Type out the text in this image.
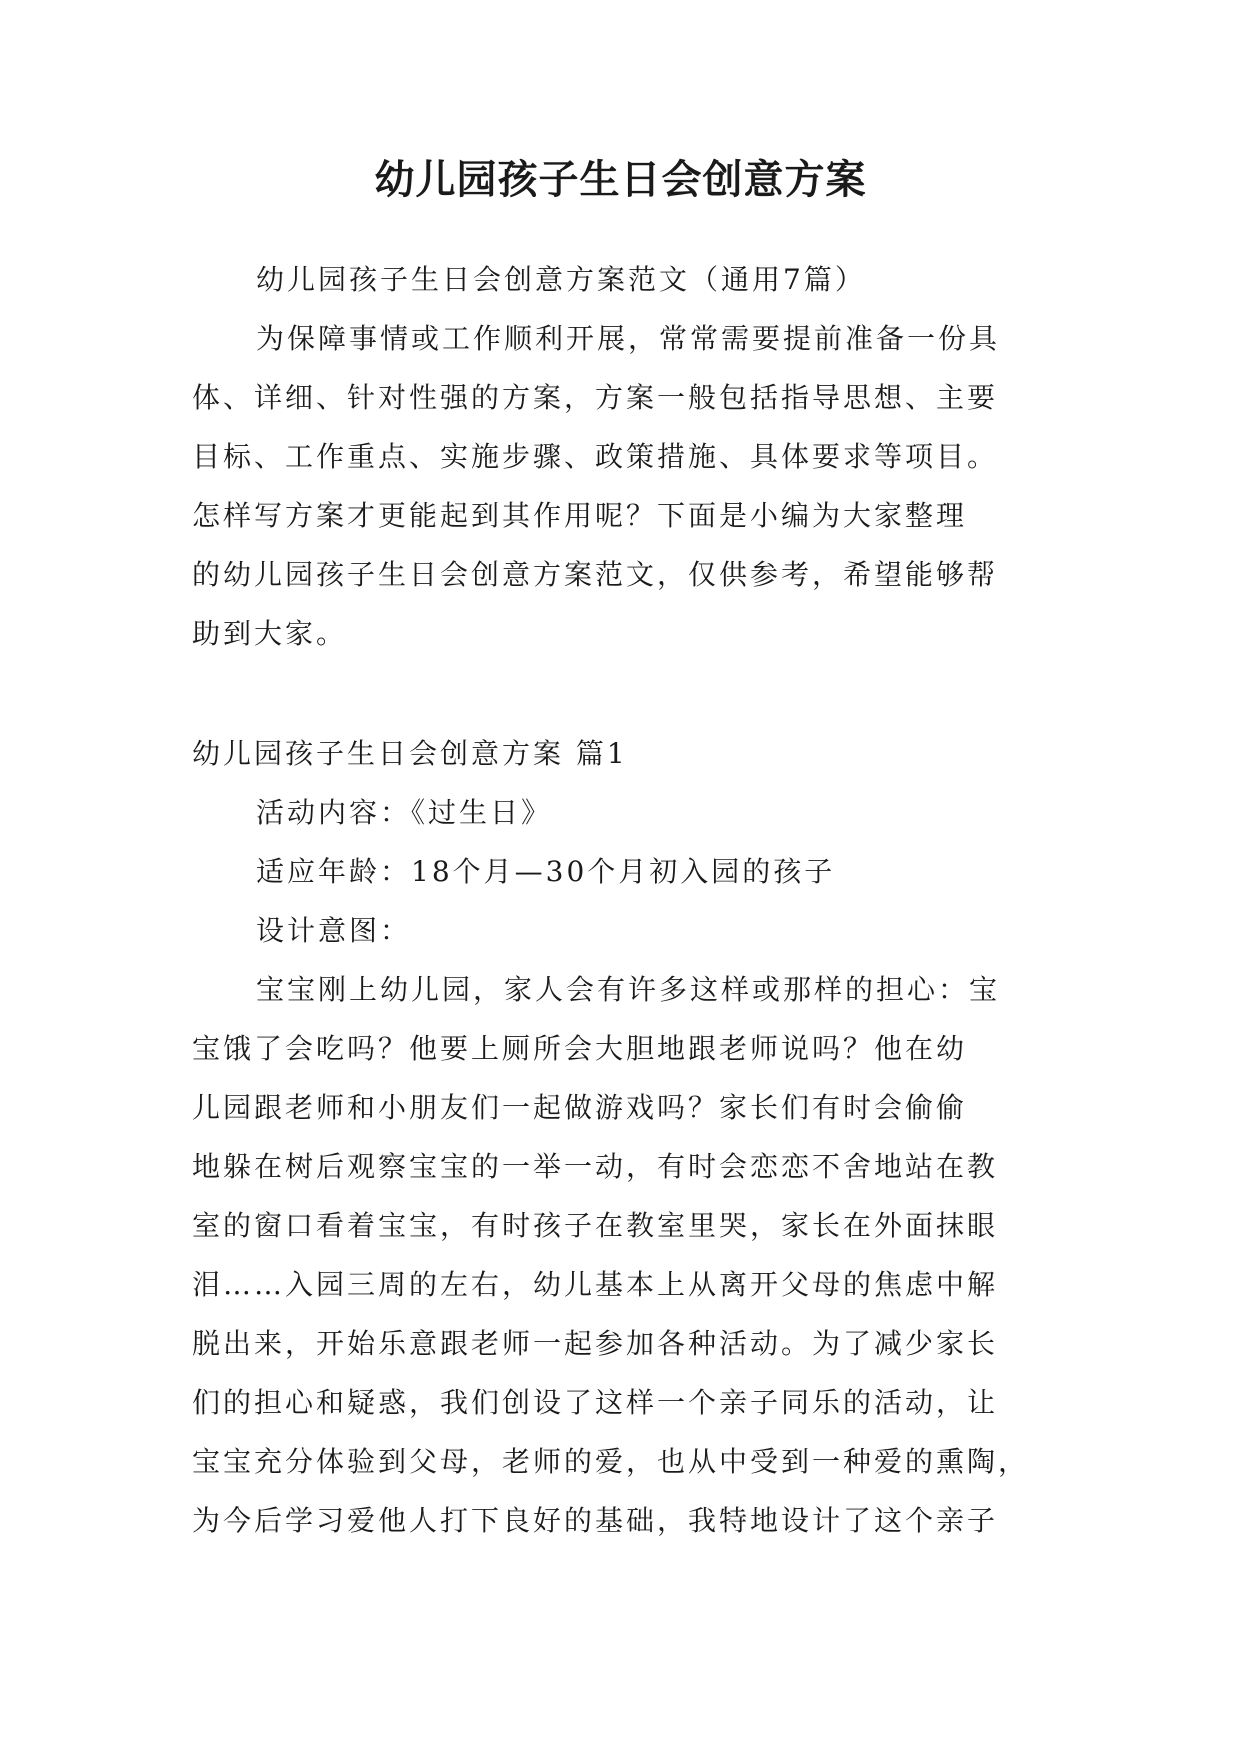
幼儿园孩子生日会创意方案

幼儿园孩子生日会创意方案范文（通用7篇）

为保障事情或工作顺利开展，常常需要提前准备一份具

体、详细、针对性强的方案，方案一般包括指导思想、主要

目标、工作重点、实施步骤、政策措施、具体要求等项目。

怎样写方案才更能起到其作用呢？下面是小编为大家整理

的幼儿园孩子生日会创意方案范文，仅供参考，希望能够帮

助到大家。

幼儿园孩子生日会创意方案 篇1

活动内容：《过生日》

适应年龄：18个月—30个月初入园的孩子

设计意图：

宝宝刚上幼儿园，家人会有许多这样或那样的担心：宝

宝饿了会吃吗？他要上厕所会大胆地跟老师说吗？他在幼

儿园跟老师和小朋友们一起做游戏吗？家长们有时会偷偷

地躲在树后观察宝宝的一举一动，有时会恋恋不舍地站在教

室的窗口看着宝宝，有时孩子在教室里哭，家长在外面抹眼

泪……入园三周的左右，幼儿基本上从离开父母的焦虑中解

脱出来，开始乐意跟老师一起参加各种活动。为了减少家长

们的担心和疑惑，我们创设了这样一个亲子同乐的活动，让

宝宝充分体验到父母，老师的爱，也从中受到一种爱的熏陶，

为今后学习爱他人打下良好的基础，我特地设计了这个亲子
